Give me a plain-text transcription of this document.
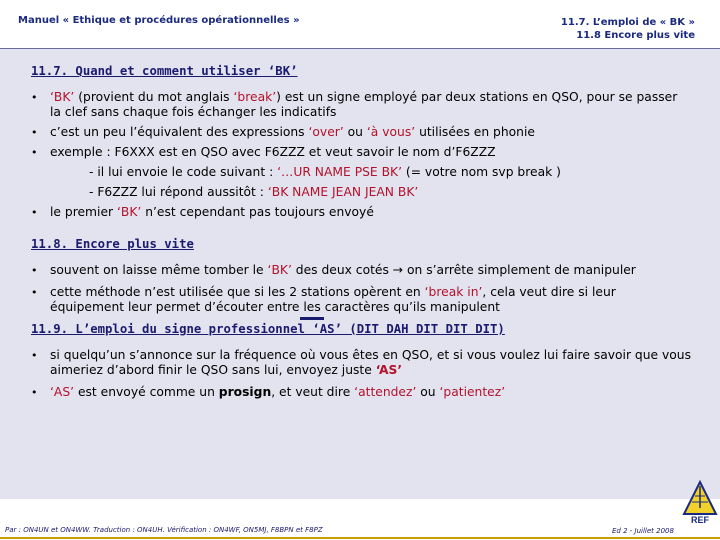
Manuel « Ethique et procédures opérationnelles »	11.7. L’emploi de « BK »
11.8 Encore plus vite
11.7. Quand et comment utiliser ‘BK’
• ‘BK’ (provient du mot anglais ‘break’) est un signe employé par deux stations en QSO, pour se passer la clef sans chaque fois échanger les indicatifs
• c’est un peu l’équivalent des expressions ‘over’ ou ‘à vous’ utilisées en phonie
• exemple : F6XXX est en QSO avec F6ZZZ et veut savoir le nom d’F6ZZZ
- il lui envoie le code suivant : ‘…UR NAME PSE BK’ (= votre nom svp break )
- F6ZZZ lui répond aussitôt : ‘BK NAME JEAN JEAN BK’
• le premier ‘BK’ n’est cependant pas toujours envoyé
11.8. Encore plus vite
• souvent on laisse même tomber le ‘BK’ des deux cotés → on s’arrête simplement de manipuler
• cette méthode n’est utilisée que si les 2 stations opèrent en ‘break in’, cela veut dire si leur équipement leur permet d’écouter entre les caractères qu’ils manipulent
11.9. L’emploi du signe professionnel ‘AS’ (DIT DAH DIT DIT DIT)
• si quelqu’un s’annonce sur la fréquence où vous êtes en QSO, et si vous voulez lui faire savoir que vous aimeriez d’abord finir le QSO sans lui, envoyez juste ‘AS’
• ‘AS’ est envoyé comme un prosign, et veut dire ‘attendez’ ou ‘patientez’
REF
Par : ON4UN et ON4WW. Traduction : ON4UH. Vérification : ON4WF, ON5MJ, F8BPN et F8PZ	Ed 2 - Juillet 2008
